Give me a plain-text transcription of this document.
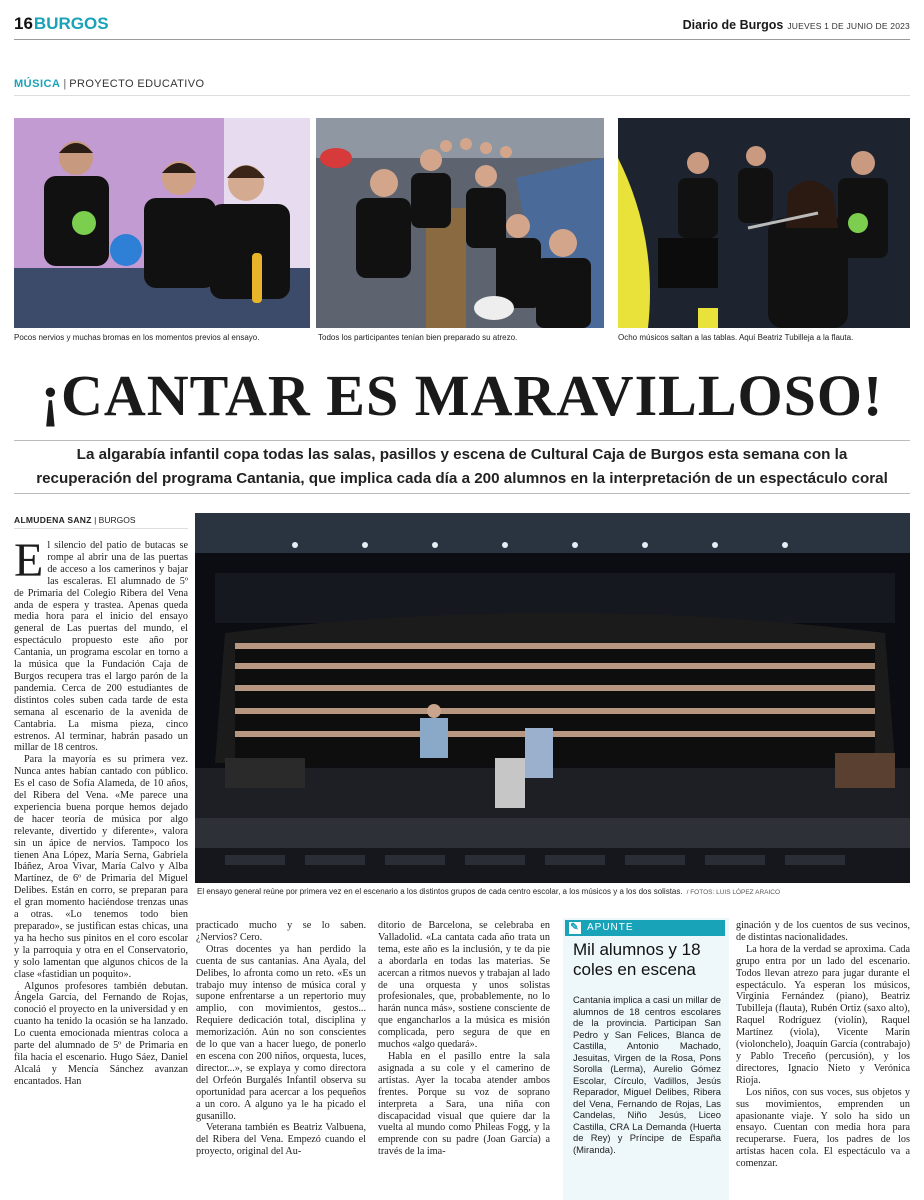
16BURGOS	Diario de Burgos JUEVES 1 DE JUNIO DE 2023
MÚSICA | PROYECTO EDUCATIVO
Pocos nervios y muchas bromas en los momentos previos al ensayo.	Todos los participantes tenían bien preparado su atrezo.	Ocho músicos saltan a las tablas. Aquí Beatriz Tubilleja a la flauta.
¡CANTAR ES MARAVILLOSO!
La algarabía infantil copa todas las salas, pasillos y escena de Cultural Caja de Burgos esta semana con la
recuperación del programa Cantania, que implica cada día a 200 alumnos en la interpretación de un espectáculo coral
ALMUDENA SANZ | BURGOS
El ensayo general reúne por primera vez en el escenario a los distintos grupos de cada centro escolar, a los músicos y a los dos solistas. / FOTOS: LUIS LÓPEZ ARAICO

El silencio del patio de butacas se rompe al abrir una de las puertas de acceso a los camerinos y bajar las escaleras. El alumnado de 5º de Primaria del Colegio Ribera del Vena anda de espera y trastea. Apenas queda media hora para el inicio del ensayo general de Las puertas del mundo, el espectáculo propuesto este año por Cantania, un programa escolar en torno a la música que la Fundación Caja de Burgos recupera tras el largo parón de la pandemia. Cerca de 200 estudiantes de distintos coles suben cada tarde de esta semana al escenario de la avenida de Cantabria. La misma pieza, cinco estrenos. Al terminar, habrán pasado un millar de 18 centros.

Para la mayoría es su primera vez. Nunca antes habían cantado con público. Es el caso de Sofía Alameda, de 10 años, del Ribera del Vena. «Me parece una experiencia buena porque hemos dejado de hacer teoría de música por algo relevante, divertido y diferente», valora sin un ápice de nervios. Tampoco los tienen Ana López, María Serna, Gabriela Ibáñez, Aroa Vivar, María Calvo y Alba Martínez, de 6º de Primaria del Miguel Delibes. Están en corro, se preparan para el gran momento haciéndose trenzas unas a otras. «Lo tenemos todo bien preparado», se justifican estas chicas, una ya ha hecho sus pinitos en el coro escolar y la parroquia y otra en el Conservatorio, y solo lamentan que algunos chicos de la clase «fastidian un poquito».

Algunos profesores también debutan. Ángela García, del Fernando de Rojas, conoció el proyecto en la universidad y en cuanto ha tenido la ocasión se ha lanzado. Lo cuenta emocionada mientras coloca a parte del alumnado de 5º de Primaria en fila hacia el escenario. Hugo Sáez, Daniel Alcalá y Mencía Sánchez avanzan encantados. Han

practicado mucho y se lo saben. ¿Nervios? Cero.

Otras docentes ya han perdido la cuenta de sus cantanias. Ana Ayala, del Delibes, lo afronta como un reto. «Es un trabajo muy intenso de música coral y supone enfrentarse a un repertorio muy amplio, con movimientos, gestos... Requiere dedicación total, disciplina y memorización. Aún no son conscientes de lo que van a hacer luego, de ponerlo en escena con 200 niños, orquesta, luces, director...», se explaya y como directora del Orfeón Burgalés Infantil observa su oportunidad para acercar a los pequeños a un coro. A alguno ya le ha picado el gusanillo.

Veterana también es Beatriz Valbuena, del Ribera del Vena. Empezó cuando el proyecto, original del Au-

ditorio de Barcelona, se celebraba en Valladolid. «La cantata cada año trata un tema, este año es la inclusión, y te da pie a abordarla en todas las materias. Se acercan a ritmos nuevos y trabajan al lado de una orquesta y unos solistas profesionales, que, probablemente, no lo harán nunca más», sostiene consciente de que engancharlos a la música es misión complicada, pero segura de que en muchos «algo quedará».

Habla en el pasillo entre la sala asignada a su cole y el camerino de artistas. Ayer la tocaba atender ambos frentes. Porque su voz de soprano interpreta a Sara, una niña con discapacidad visual que quiere dar la vuelta al mundo como Phileas Fogg, y la emprende con su padre (Joan García) a través de la ima-

✎ APUNTE
Mil alumnos y 18 coles en escena
Cantania implica a casi un millar de alumnos de 18 centros escolares de la provincia. Participan San Pedro y San Felices, Blanca de Castilla, Antonio Machado, Jesuitas, Virgen de la Rosa, Pons Sorolla (Lerma), Aurelio Gómez Escolar, Círculo, Vadillos, Jesús Reparador, Miguel Delibes, Ribera del Vena, Fernando de Rojas, Las Candelas, Niño Jesús, Liceo Castilla, CRA La Demanda (Huerta de Rey) y Príncipe de España (Miranda).

ginación y de los cuentos de sus vecinos, de distintas nacionalidades.

La hora de la verdad se aproxima. Cada grupo entra por un lado del escenario. Todos llevan atrezo para jugar durante el espectáculo. Ya esperan los músicos, Virginia Fernández (piano), Beatriz Tubilleja (flauta), Rubén Ortiz (saxo alto), Raquel Rodríguez (violín), Raquel Martínez (viola), Vicente Marín (violonchelo), Joaquín García (contrabajo) y Pablo Treceño (percusión), y los directores, Ignacio Nieto y Verónica Rioja.

Los niños, con sus voces, sus objetos y sus movimientos, emprenden un apasionante viaje. Y solo ha sido un ensayo. Cuentan con media hora para recuperarse. Fuera, los padres de los artistas hacen cola. El espectáculo va a comenzar.
